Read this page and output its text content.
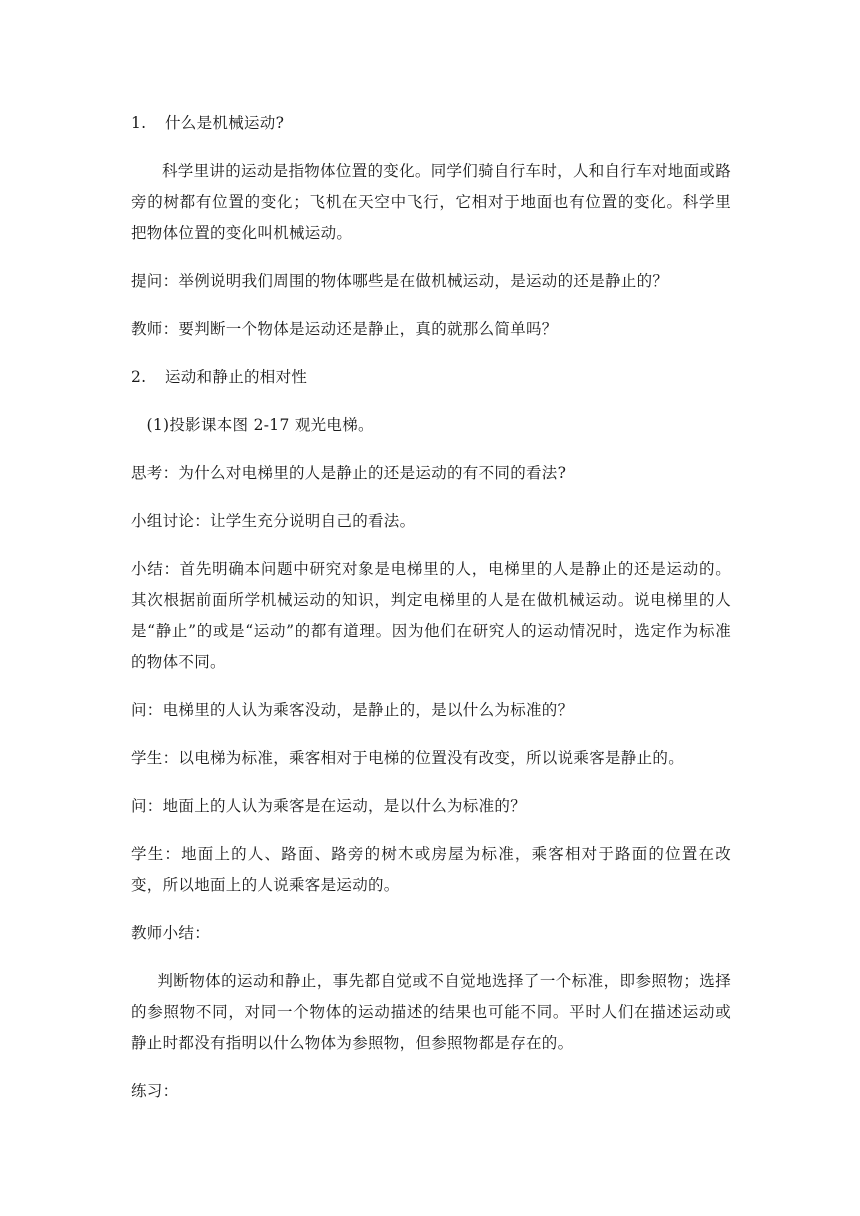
1. 什么是机械运动?

科学里讲的运动是指物体位置的变化。同学们骑自行车时，人和自行车对地面或路旁的树都有位置的变化；飞机在天空中飞行，它相对于地面也有位置的变化。科学里把物体位置的变化叫机械运动。

提问：举例说明我们周围的物体哪些是在做机械运动，是运动的还是静止的？

教师：要判断一个物体是运动还是静止，真的就那么简单吗？

2. 运动和静止的相对性

(1)投影课本图 2-17 观光电梯。

思考：为什么对电梯里的人是静止的还是运动的有不同的看法?

小组讨论：让学生充分说明自己的看法。

小结：首先明确本问题中研究对象是电梯里的人，电梯里的人是静止的还是运动的。其次根据前面所学机械运动的知识，判定电梯里的人是在做机械运动。说电梯里的人是“静止”的或是“运动”的都有道理。因为他们在研究人的运动情况时，选定作为标准的物体不同。

问：电梯里的人认为乘客没动，是静止的，是以什么为标准的？

学生：以电梯为标准，乘客相对于电梯的位置没有改变，所以说乘客是静止的。

问：地面上的人认为乘客是在运动，是以什么为标准的？

学生：地面上的人、路面、路旁的树木或房屋为标准，乘客相对于路面的位置在改变，所以地面上的人说乘客是运动的。

教师小结：

判断物体的运动和静止，事先都自觉或不自觉地选择了一个标准，即参照物；选择的参照物不同，对同一个物体的运动描述的结果也可能不同。平时人们在描述运动或静止时都没有指明以什么物体为参照物，但参照物都是存在的。

练习：
